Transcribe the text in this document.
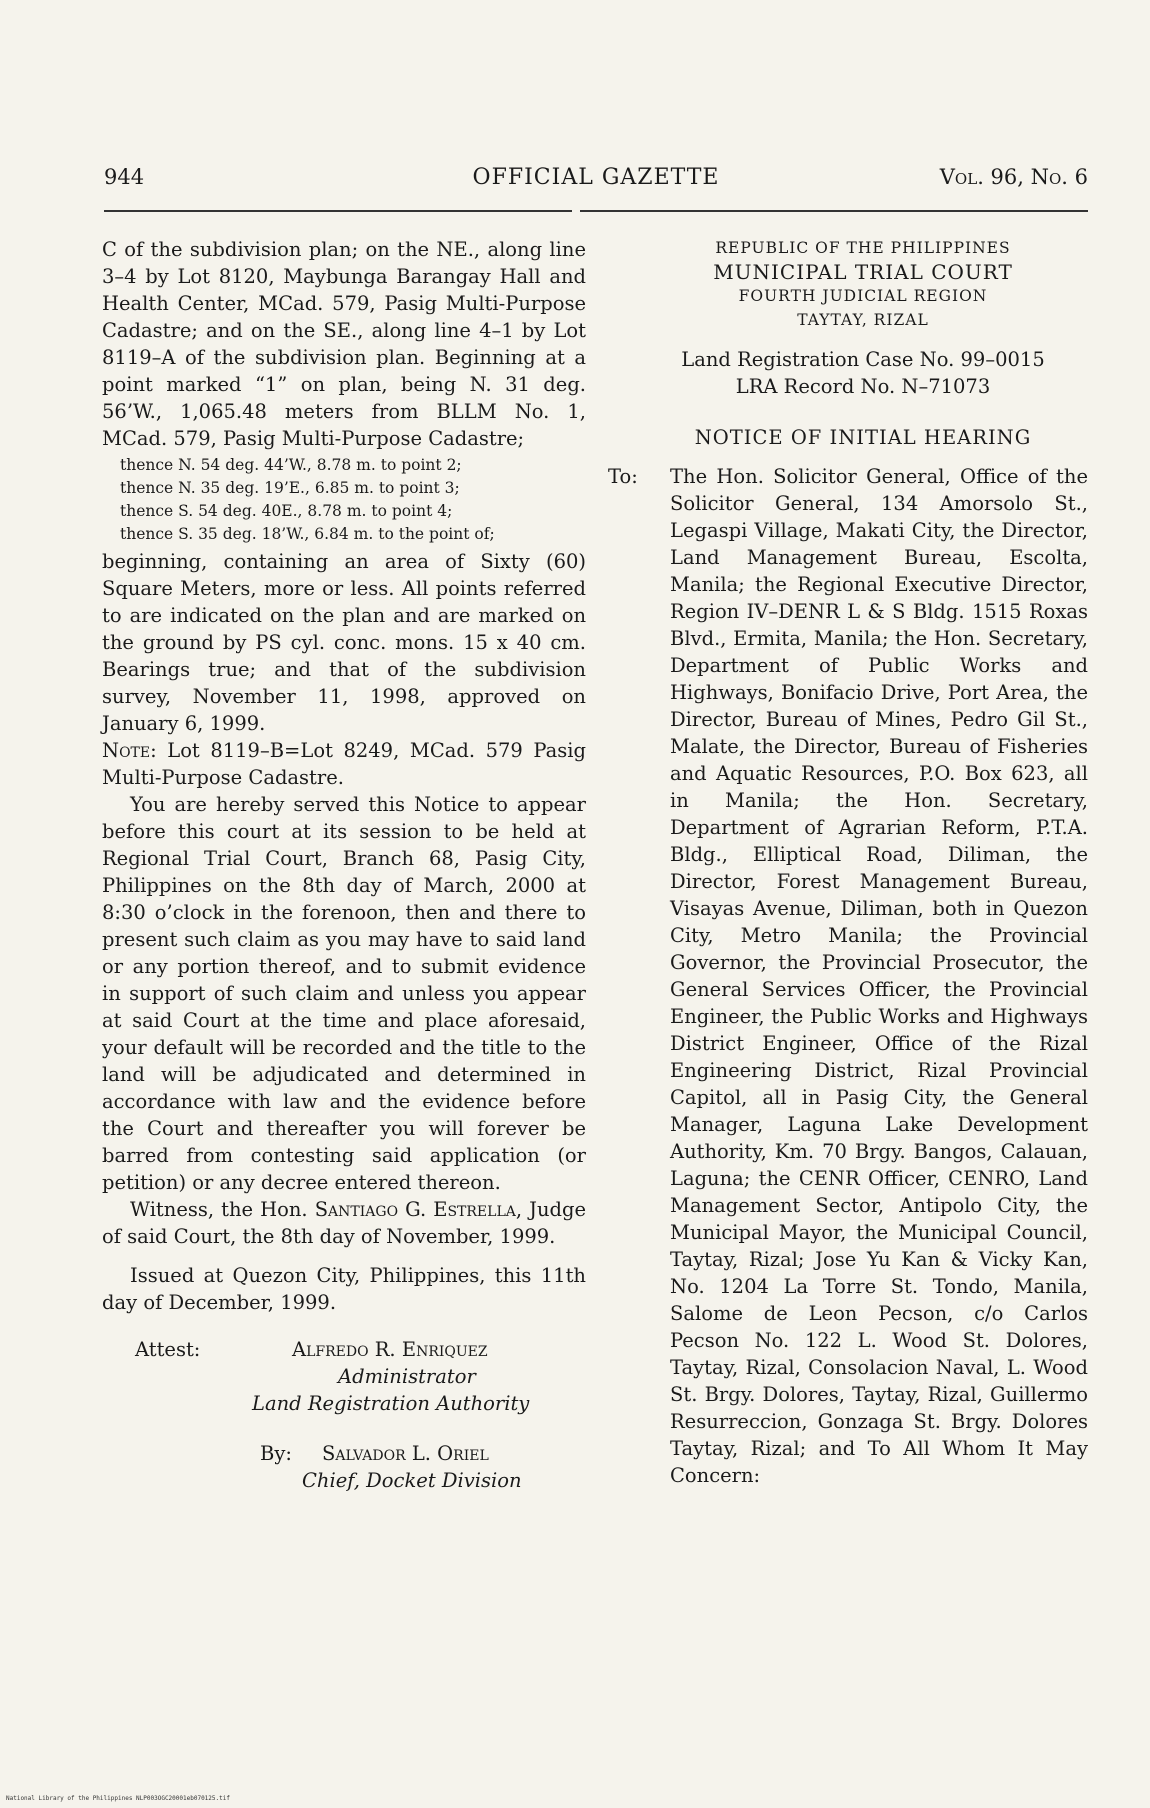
944	OFFICIAL GAZETTE	Vol. 96, No. 6

C of the subdivision plan; on the NE., along line 3–4 by Lot 8120, Maybunga Barangay Hall and Health Center, MCad. 579, Pasig Multi-Purpose Cadastre; and on the SE., along line 4–1 by Lot 8119–A of the subdivision plan. Beginning at a point marked “1” on plan, being N. 31 deg. 56’W., 1,065.48 meters from BLLM No. 1, MCad. 579, Pasig Multi-Purpose Cadastre;

thence N. 54 deg. 44’W., 8.78 m. to point 2;
thence N. 35 deg. 19’E., 6.85 m. to point 3;
thence S. 54 deg. 40E., 8.78 m. to point 4;
thence S. 35 deg. 18’W., 6.84 m. to the point of;

beginning, containing an area of Sixty (60) Square Meters, more or less. All points referred to are indicated on the plan and are marked on the ground by PS cyl. conc. mons. 15 x 40 cm. Bearings true; and that of the subdivision survey, November 11, 1998, approved on January 6, 1999.

Note: Lot 8119–B=Lot 8249, MCad. 579 Pasig Multi-Purpose Cadastre.

You are hereby served this Notice to appear before this court at its session to be held at Regional Trial Court, Branch 68, Pasig City, Philippines on the 8th day of March, 2000 at 8:30 o’clock in the forenoon, then and there to present such claim as you may have to said land or any portion thereof, and to submit evidence in support of such claim and unless you appear at said Court at the time and place aforesaid, your default will be recorded and the title to the land will be adjudicated and determined in accordance with law and the evidence before the Court and thereafter you will forever be barred from contesting said application (or petition) or any decree entered thereon.

Witness, the Hon. Santiago G. Estrella, Judge of said Court, the 8th day of November, 1999.

Issued at Quezon City, Philippines, this 11th day of December, 1999.

Attest:	Alfredo R. Enriquez
Administrator
Land Registration Authority
By: Salvador L. Oriel
Chief, Docket Division
REPUBLIC OF THE PHILIPPINES
MUNICIPAL TRIAL COURT
FOURTH JUDICIAL REGION
TAYTAY, RIZAL
Land Registration Case No. 99–0015
LRA Record No. N–71073
NOTICE OF INITIAL HEARING
To: The Hon. Solicitor General, Office of the Solicitor General, 134 Amorsolo St., Legaspi Village, Makati City, the Director, Land Management Bureau, Escolta, Manila; the Regional Executive Director, Region IV–DENR L & S Bldg. 1515 Roxas Blvd., Ermita, Manila; the Hon. Secretary, Department of Public Works and Highways, Bonifacio Drive, Port Area, the Director, Bureau of Mines, Pedro Gil St., Malate, the Director, Bureau of Fisheries and Aquatic Resources, P.O. Box 623, all in Manila; the Hon. Secretary, Department of Agrarian Reform, P.T.A. Bldg., Elliptical Road, Diliman, the Director, Forest Management Bureau, Visayas Avenue, Diliman, both in Quezon City, Metro Manila; the Provincial Governor, the Provincial Prosecutor, the General Services Officer, the Provincial Engineer, the Public Works and Highways District Engineer, Office of the Rizal Engineering District, Rizal Provincial Capitol, all in Pasig City, the General Manager, Laguna Lake Development Authority, Km. 70 Brgy. Bangos, Calauan, Laguna; the CENR Officer, CENRO, Land Management Sector, Antipolo City, the Municipal Mayor, the Municipal Council, Taytay, Rizal; Jose Yu Kan & Vicky Kan, No. 1204 La Torre St. Tondo, Manila, Salome de Leon Pecson, c/o Carlos Pecson No. 122 L. Wood St. Dolores, Taytay, Rizal, Consolacion Naval, L. Wood St. Brgy. Dolores, Taytay, Rizal, Guillermo Resurreccion, Gonzaga St. Brgy. Dolores Taytay, Rizal; and To All Whom It May Concern:

National Library of the Philippines NLP003OGC20001eb070125.tif
